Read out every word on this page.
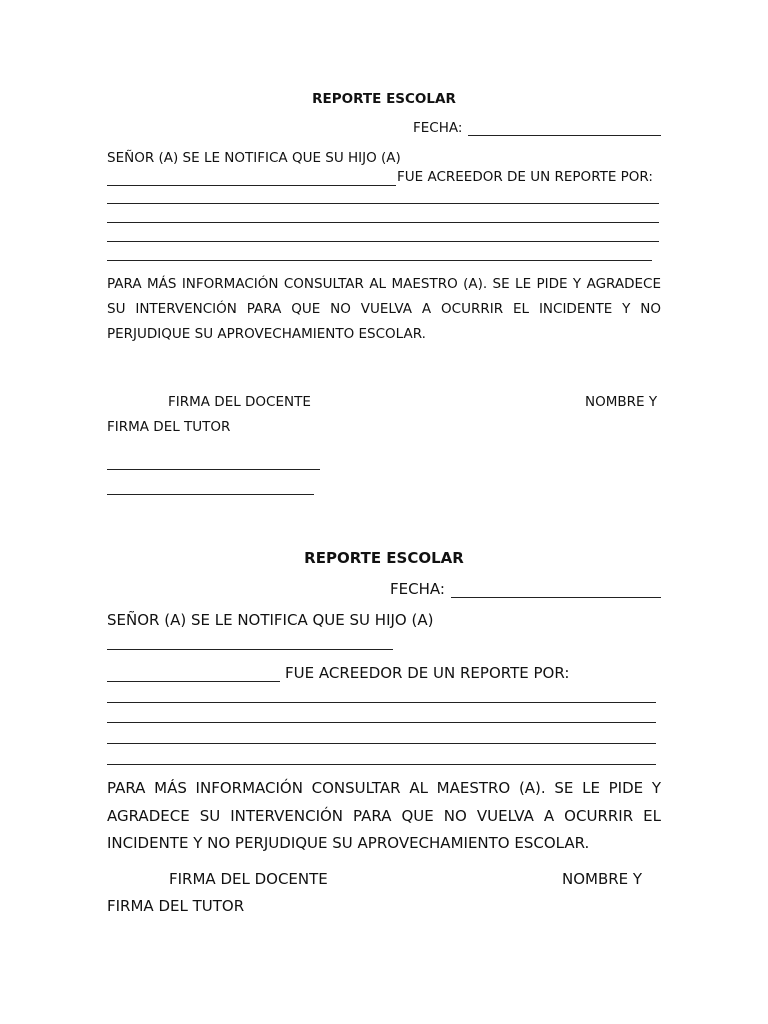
REPORTE ESCOLAR
FECHA:
SEÑOR (A) SE LE NOTIFICA QUE SU HIJO (A)
FUE ACREEDOR DE UN REPORTE POR:
PARA MÁS INFORMACIÓN CONSULTAR AL MAESTRO (A). SE LE PIDE Y AGRADECE SU INTERVENCIÓN PARA QUE NO VUELVA A OCURRIR EL INCIDENTE Y NO PERJUDIQUE SU APROVECHAMIENTO ESCOLAR.
FIRMA DEL DOCENTE	NOMBRE Y
FIRMA DEL TUTOR
REPORTE ESCOLAR
FECHA:
SEÑOR (A) SE LE NOTIFICA QUE SU HIJO (A)
FUE ACREEDOR DE UN REPORTE POR:
PARA MÁS INFORMACIÓN CONSULTAR AL MAESTRO (A). SE LE PIDE Y AGRADECE SU INTERVENCIÓN PARA QUE NO VUELVA A OCURRIR EL INCIDENTE Y NO PERJUDIQUE SU APROVECHAMIENTO ESCOLAR.
FIRMA DEL DOCENTE	NOMBRE Y
FIRMA DEL TUTOR
